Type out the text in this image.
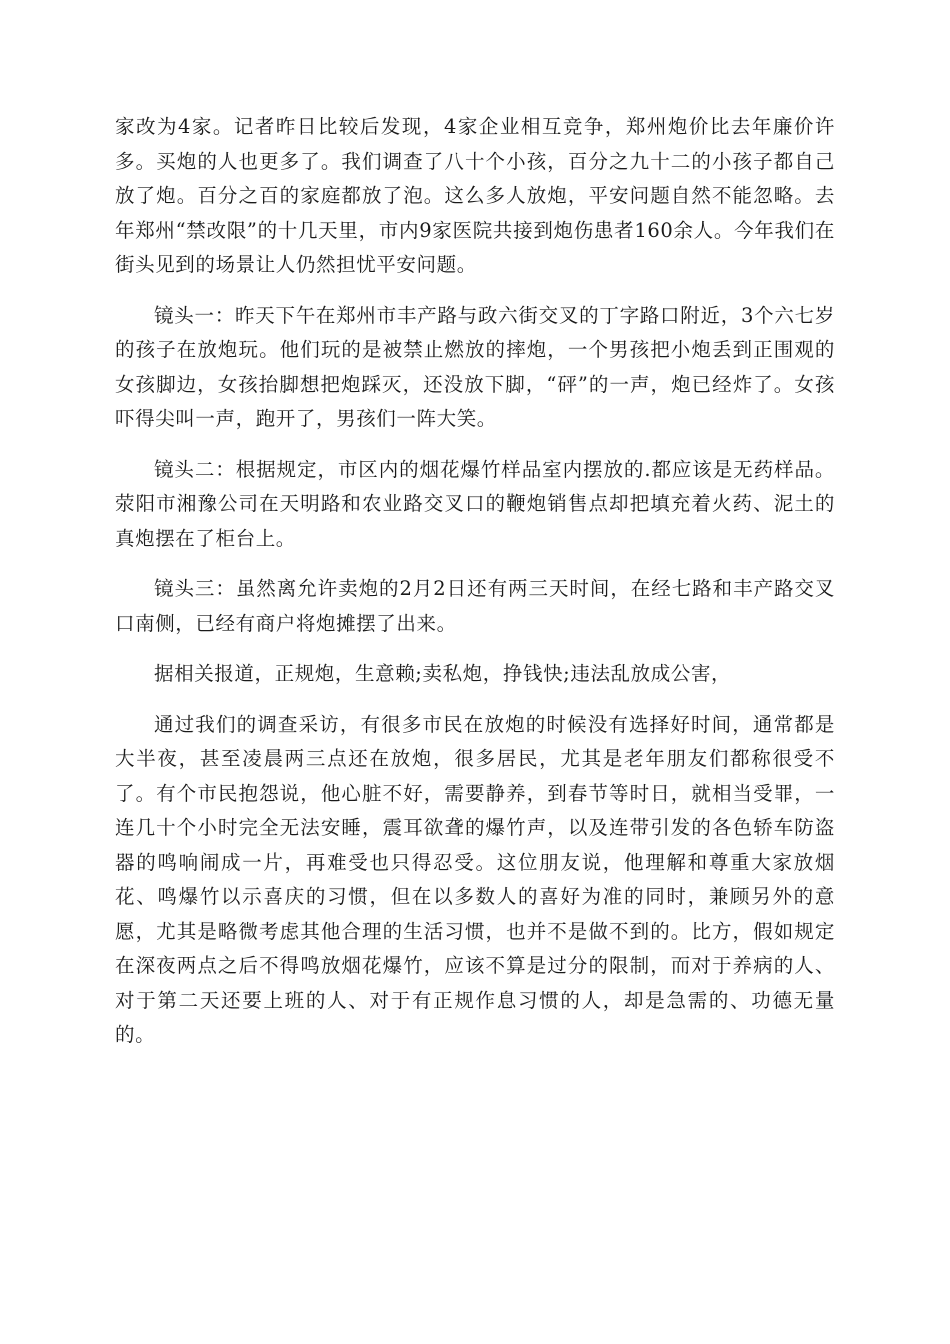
家改为4家。记者昨日比较后发现，4家企业相互竞争，郑州炮价比去年廉价许多。买炮的人也更多了。我们调查了八十个小孩，百分之九十二的小孩子都自己放了炮。百分之百的家庭都放了泡。这么多人放炮，平安问题自然不能忽略。去年郑州“禁改限”的十几天里，市内9家医院共接到炮伤患者160余人。今年我们在街头见到的场景让人仍然担忧平安问题。

镜头一：昨天下午在郑州市丰产路与政六街交叉的丁字路口附近，3个六七岁的孩子在放炮玩。他们玩的是被禁止燃放的摔炮，一个男孩把小炮丢到正围观的女孩脚边，女孩抬脚想把炮踩灭，还没放下脚，“砰”的一声，炮已经炸了。女孩吓得尖叫一声，跑开了，男孩们一阵大笑。

镜头二：根据规定，市区内的烟花爆竹样品室内摆放的.都应该是无药样品。荥阳市湘豫公司在天明路和农业路交叉口的鞭炮销售点却把填充着火药、泥土的真炮摆在了柜台上。

镜头三：虽然离允许卖炮的2月2日还有两三天时间，在经七路和丰产路交叉口南侧，已经有商户将炮摊摆了出来。

据相关报道，正规炮，生意赖;卖私炮，挣钱快;违法乱放成公害，

通过我们的调查采访，有很多市民在放炮的时候没有选择好时间，通常都是大半夜，甚至凌晨两三点还在放炮，很多居民，尤其是老年朋友们都称很受不了。有个市民抱怨说，他心脏不好，需要静养，到春节等时日，就相当受罪，一连几十个小时完全无法安睡，震耳欲聋的爆竹声，以及连带引发的各色轿车防盗器的鸣响闹成一片，再难受也只得忍受。这位朋友说，他理解和尊重大家放烟花、鸣爆竹以示喜庆的习惯，但在以多数人的喜好为准的同时，兼顾另外的意愿，尤其是略微考虑其他合理的生活习惯，也并不是做不到的。比方，假如规定在深夜两点之后不得鸣放烟花爆竹，应该不算是过分的限制，而对于养病的人、对于第二天还要上班的人、对于有正规作息习惯的人，却是急需的、功德无量的。
